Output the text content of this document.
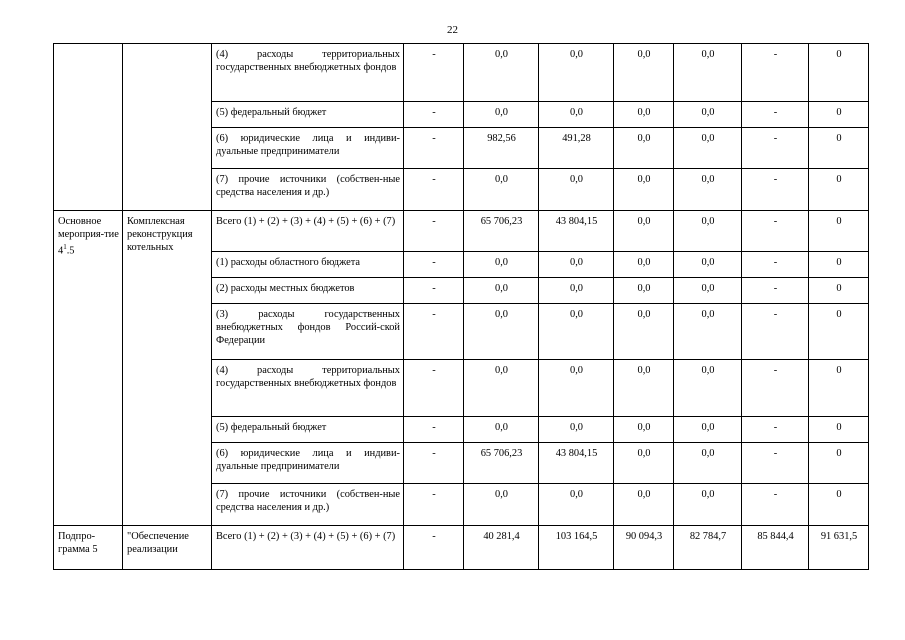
22
		(4) расходы территориальных государственных внебюджетных фондов	-	0,0	0,0	0,0	0,0	-	0
		(5) федеральный бюджет	-	0,0	0,0	0,0	0,0	-	0
		(6) юридические лица и индиви-дуальные предприниматели	-	982,56	491,28	0,0	0,0	-	0
		(7) прочие источники (собствен-ные средства населения и др.)	-	0,0	0,0	0,0	0,0	-	0
Основное мероприя-тие $4^1.5$	Комплексная реконструкция котельных	Всего (1) + (2) + (3) + (4) + (5) + (6) + (7)	-	65 706,23	43 804,15	0,0	0,0	-	0
		(1) расходы областного бюджета	-	0,0	0,0	0,0	0,0	-	0
		(2) расходы местных бюджетов	-	0,0	0,0	0,0	0,0	-	0
		(3) расходы государственных внебюджетных фондов Россий-ской Федерации	-	0,0	0,0	0,0	0,0	-	0
		(4) расходы территориальных государственных внебюджетных фондов	-	0,0	0,0	0,0	0,0	-	0
		(5) федеральный бюджет	-	0,0	0,0	0,0	0,0	-	0
		(6) юридические лица и индиви-дуальные предприниматели	-	65 706,23	43 804,15	0,0	0,0	-	0
		(7) прочие источники (собствен-ные средства населения и др.)	-	0,0	0,0	0,0	0,0	-	0
Подпро-грамма 5	"Обеспечение реализации	Всего (1) + (2) + (3) + (4) + (5) + (6) + (7)	-	40 281,4	103 164,5	90 094,3	82 784,7	85 844,4	91 631,5
